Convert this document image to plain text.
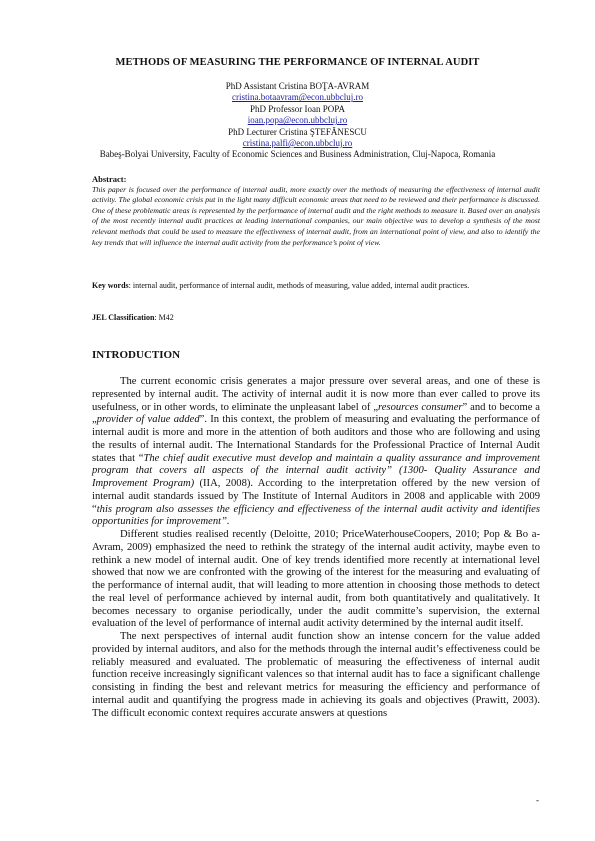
METHODS OF MEASURING THE PERFORMANCE OF INTERNAL AUDIT
PhD Assistant Cristina BOŢA-AVRAM
cristina.botaavram@econ.ubbcluj.ro
PhD Professor Ioan POPA
ioan.popa@econ.ubbcluj.ro
PhD Lecturer Cristina ŞTEFĂNESCU
cristina.palfi@econ.ubbcluj.ro
Babeş-Bolyai University, Faculty of Economic Sciences and Business Administration, Cluj-Napoca, Romania
Abstract:
This paper is focused over the performance of internal audit, more exactly over the methods of measuring the effectiveness of internal audit activity. The global economic crisis put in the light many difficult economic areas that need to be reviewed and their performance is discussed. One of these problematic areas is represented by the performance of internal audit and the right methods to measure it. Based over an analysis of the most recently internal audit practices at leading international companies, our main objective was to develop a synthesis of the most relevant methods that could be used to measure the effectiveness of internal audit, from an international point of view, and also to identify the key trends that will influence the internal audit activity from the performance’s point of view.
Key words: internal audit, performance of internal audit, methods of measuring, value added, internal audit practices.
JEL Classification: M42
INTRODUCTION

The current economic crisis generates a major pressure over several areas, and one of these is represented by internal audit. The activity of internal audit it is now more than ever called to prove its usefulness, or in other words, to eliminate the unpleasant label of „resources consumer” and to become a „provider of value added”. In this context, the problem of measuring and evaluating the performance of internal audit is more and more in the attention of both auditors and those who are following and using the results of internal audit. The International Standards for the Professional Practice of Internal Audit states that “The chief audit executive must develop and maintain a quality assurance and improvement program that covers all aspects of the internal audit activity” (1300- Quality Assurance and Improvement Program) (IIA, 2008). According to the interpretation offered by the new version of internal audit standards issued by The Institute of Internal Auditors in 2008 and applicable with 2009 “this program also assesses the efficiency and effectiveness of the internal audit activity and identifies opportunities for improvement”.

Different studies realised recently (Deloitte, 2010; PriceWaterhouseCoopers, 2010; Pop & Bo a-Avram, 2009) emphasized the need to rethink the strategy of the internal audit activity, maybe even to rethink a new model of internal audit. One of key trends identified more recently at international level showed that now we are confronted with the growing of the interest for the measuring and evaluating of the performance of internal audit, that will leading to more attention in choosing those methods to detect the real level of performance achieved by internal audit, from both quantitatively and qualitatively. It becomes necessary to organise periodically, under the audit committe’s supervision, the external evaluation of the level of performance of internal audit activity determined by the internal audit itself.

The next perspectives of internal audit function show an intense concern for the value added provided by internal auditors, and also for the methods through the internal audit’s effectiveness could be reliably measured and evaluated. The problematic of measuring the effectiveness of internal audit function receive increasingly significant valences so that internal audit has to face a significant challenge consisting in finding the best and relevant metrics for measuring the efficiency and performance of internal audit and quantifying the progress made in achieving its goals and objectives (Prawitt, 2003). The difficult economic context requires accurate answers at questions

-
